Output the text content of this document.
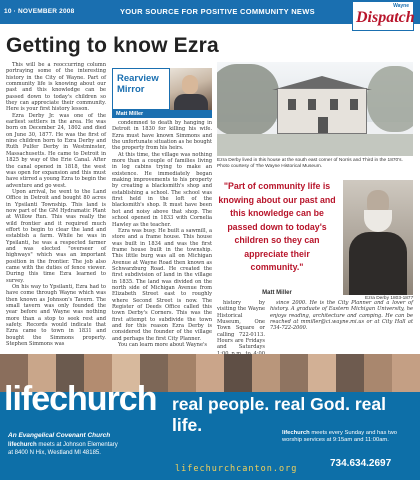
10 · NOVEMBER 2008	YOUR SOURCE FOR POSITIVE COMMUNITY NEWS
Wayne
Dispatch
Getting to know Ezra

This will be a reoccurring column portraying some of the interesting history in the City of Wayne. Part of community life is knowing about our past and this knowledge can be passed down to today's children so they can appreciate their community. Here is your first history lesson.

Ezra Derby Jr. was one of the earliest settlers in the area. He was born on December 24, 1802 and died on June 30, 1877. He was the first of nine children born to Ezra Derby and Ruth Pulfer Derby in Westminster, Massachusetts. He came to Detroit in 1825 by way of the Erie Canal. After the canal opened in 1818, the west was open for expansion and this must have stirred a young Ezra to begin the adventure and go west.

Upon arrival, he went to the Land Office in Detroit and bought 80 acres in Ypsilanti Township. This land is now part of the GM Hydramatic Plant at Willow Run. This was really the wild frontier and it required much effort to begin to clear the land and establish a farm. While he was in Ypsilanti, he was a respected farmer and was elected "overseer of highways" which was an important position in the frontier. The job also came with the duties of fence viewer. During this time Ezra learned to survey.

On his way to Ypsilanti, Ezra had to have come through Wayne which was then known as Johnson's Tavern. The small tavern was only founded the year before and Wayne was nothing more than a stop to seek rest and safety. Records would indicate that Ezra came to town in 1831 and bought the Simmons property. Stephen Simmons was

Rearview Mirror
Matt Miller

condemned to death by hanging in Detroit in 1830 for killing his wife. Ezra must have known Simmons and the unfortunate situation as he bought the property from his heirs.

At this time, the village was nothing more than a couple of families living in log cabins trying to make an existence. He immediately began making improvements to his property by creating a blacksmith's shop and establishing a school. The school was first held in the loft of the blacksmith's shop. It must have been hot and noisy above that shop. The school opened in 1833 with Cornelia Hawley as the teacher.

Ezra was busy. He built a sawmill, a store and a frame house. This house was built in 1834 and was the first frame house built in the township. This little burg was all on Michigan Avenue at Wayne Road then known as Schwarzburg Road. He created the first subdivision of land in the village in 1835. The land was divided on the north side of Michigan Avenue from Elizabeth Street east to roughly where Second Street is now. The Register of Deeds Office called this town Derby's Corners. This was the first attempt to subdivide the town and for this reason Ezra Derby is considered the founder of the village and perhaps the first City Planner.

You can learn more about Wayne's

Ezra Derby lived in this house at the south east corner of Norris and Third in the 1870's. Photo courtesy of The Wayne Historical Museum.
"Part of community life is knowing about our past and this knowledge can be passed down to today's children so they can appreciate their community."
Matt Miller
Ezra Derby 1803-1877

history by visiting the Wayne Historical Museum, One Town Square or calling 722-0113. Hours are Fridays and Saturdays

since 2000. He is the City Planner and a lover of history. A graduate of Eastern Michigan University, he enjoys reading, architecture and camping. He can be reached at mmiller@ci.wayne.mi.us or at City Hall at 734-722-2000.

lifechurch
An Evangelical Covenant Church
lifechurch meets at Johnson Elementary
at 8400 N Hix, Westland MI 48185.
real people. real God. real life.
lifechurchcanton.org
lifechurch meets every Sunday and has two worship services at 9:15am and 11:00am.
734.634.2697
